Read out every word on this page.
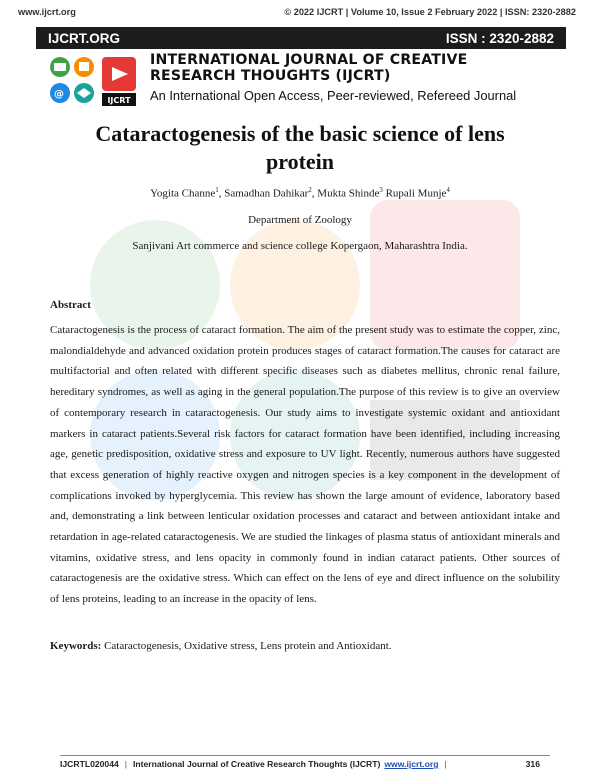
www.ijcrt.org	© 2022 IJCRT | Volume 10, Issue 2 February 2022 | ISSN: 2320-2882
IJCRT.ORG	ISSN : 2320-2882
@
IJCRT
INTERNATIONAL JOURNAL OF CREATIVE
RESEARCH THOUGHTS (IJCRT)
An International Open Access, Peer-reviewed, Refereed Journal
Cataractogenesis of the basic science of lens protein
Yogita Channe$^1$, Samadhan Dahikar$^2$, Mukta Shinde$^3$ Rupali Munje$^4$
Department of Zoology
Sanjivani Art commerce and science college Kopergaon, Maharashtra India.
Abstract

Cataractogenesis is the process of cataract formation. The aim of the present study was to estimate the copper, zinc, malondialdehyde and advanced oxidation protein produces stages of cataract formation.The causes for cataract are multifactorial and often related with different specific diseases such as diabetes mellitus, chronic renal failure, hereditary syndromes, as well as aging in the general population.The purpose of this review is to give an overview of contemporary research in cataractogenesis. Our study aims to investigate systemic oxidant and antioxidant markers in cataract patients.Several risk factors for cataract formation have been identified, including increasing age, genetic predisposition, oxidative stress and exposure to UV light. Recently, numerous authors have suggested that excess generation of highly reactive oxygen and nitrogen species is a key component in the development of complications invoked by hyperglycemia. This review has shown the large amount of evidence, laboratory based and, demonstrating a link between lenticular oxidation processes and cataract and between antioxidant intake and retardation in age-related cataractogenesis. We are studied the linkages of plasma status of antioxidant minerals and vitamins, oxidative stress, and lens opacity in commonly found in indian cataract patients. Other sources of cataractogenesis are the oxidative stress. Which can effect on the lens of eye and direct influence on the solubility of lens proteins, leading to an increase in the opacity of lens.

Keywords: Cataractogenesis, Oxidative stress, Lens protein and Antioxidant.

IJCRTL020044 | International Journal of Creative Research Thoughts (IJCRT) www.ijcrt.org |	316
